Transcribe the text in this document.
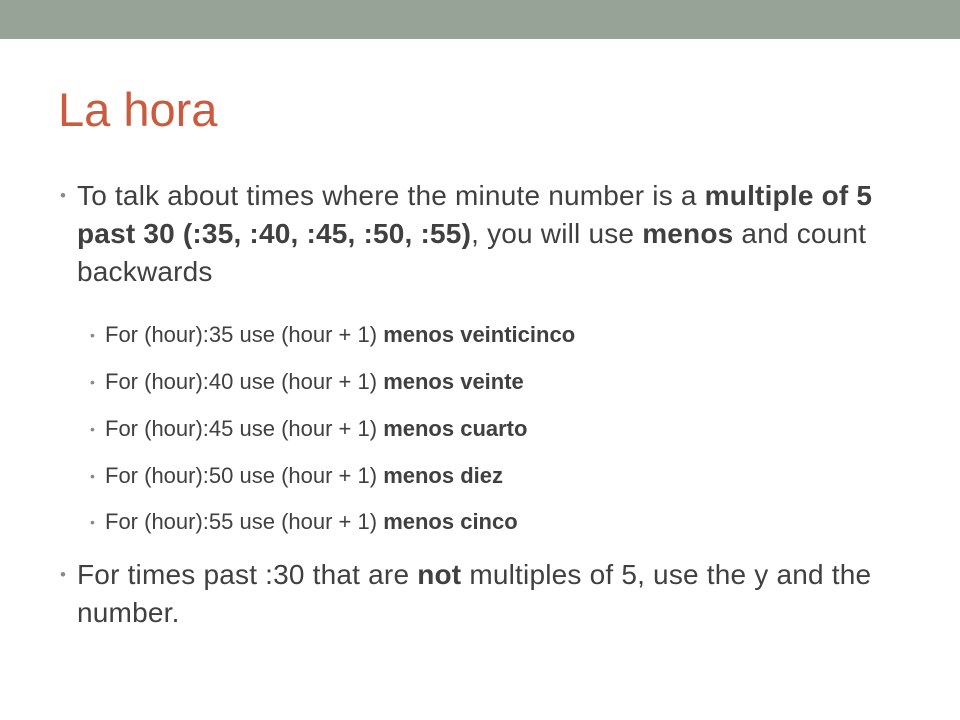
La hora
• To talk about times where the minute number is a multiple of 5 past 30 (:35, :40, :45, :50, :55), you will use menos and count backwards
• For (hour):35 use (hour + 1) menos veinticinco
• For (hour):40 use (hour + 1) menos veinte
• For (hour):45 use (hour + 1) menos cuarto
• For (hour):50 use (hour + 1) menos diez
• For (hour):55 use (hour + 1) menos cinco
• For times past :30 that are not multiples of 5, use the y and the number.
